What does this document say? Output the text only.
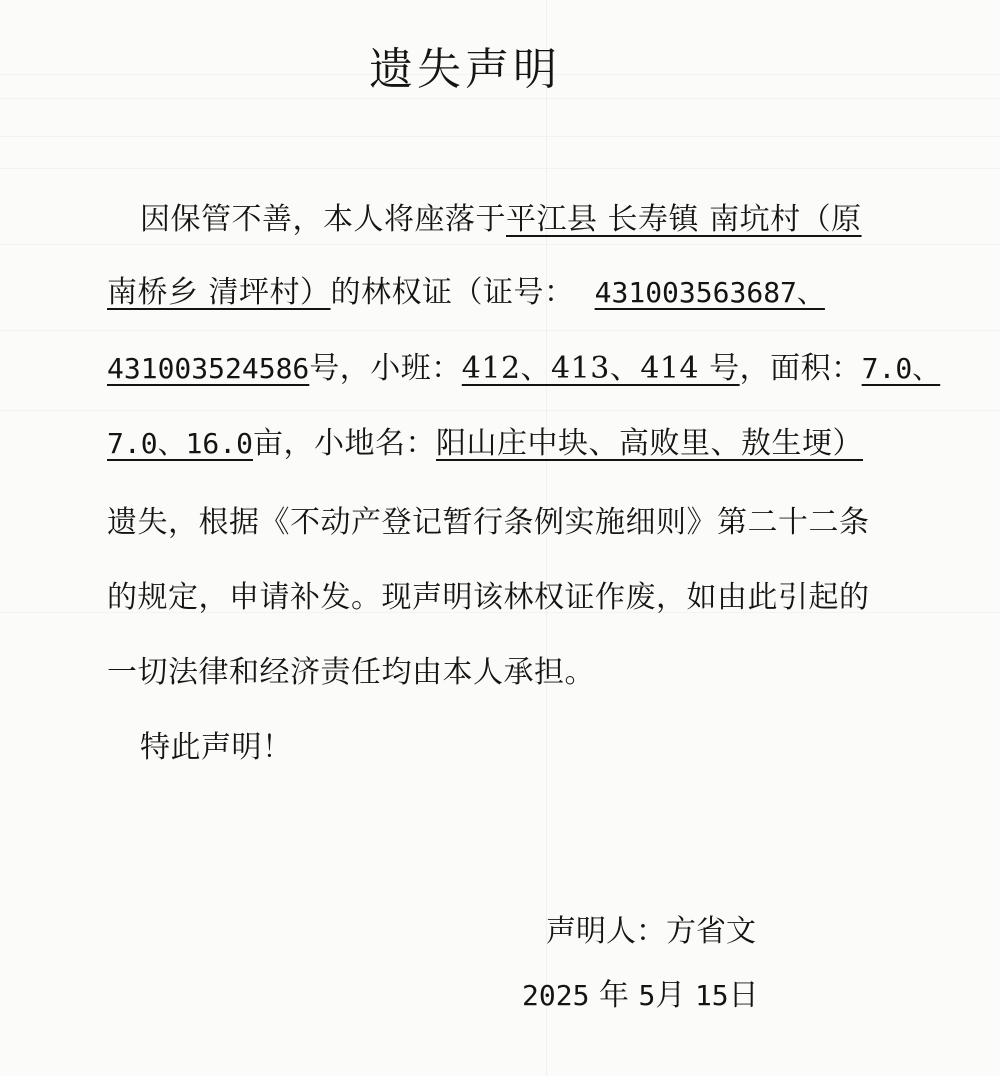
遗失声明
因保管不善，本人将座落于平江县 长寿镇 南坑村（原
南桥乡 清坪村）的林权证（证号： 431003563687、
431003524586号，小班：412、413、414 号，面积：7.0、
7.0、16.0亩，小地名：阳山庄中块、高败里、敖生埂）
遗失，根据《不动产登记暂行条例实施细则》第二十二条
的规定，申请补发。现声明该林权证作废，如由此引起的
一切法律和经济责任均由本人承担。
特此声明！
声明人：方省文
2025 年 5月 15日
